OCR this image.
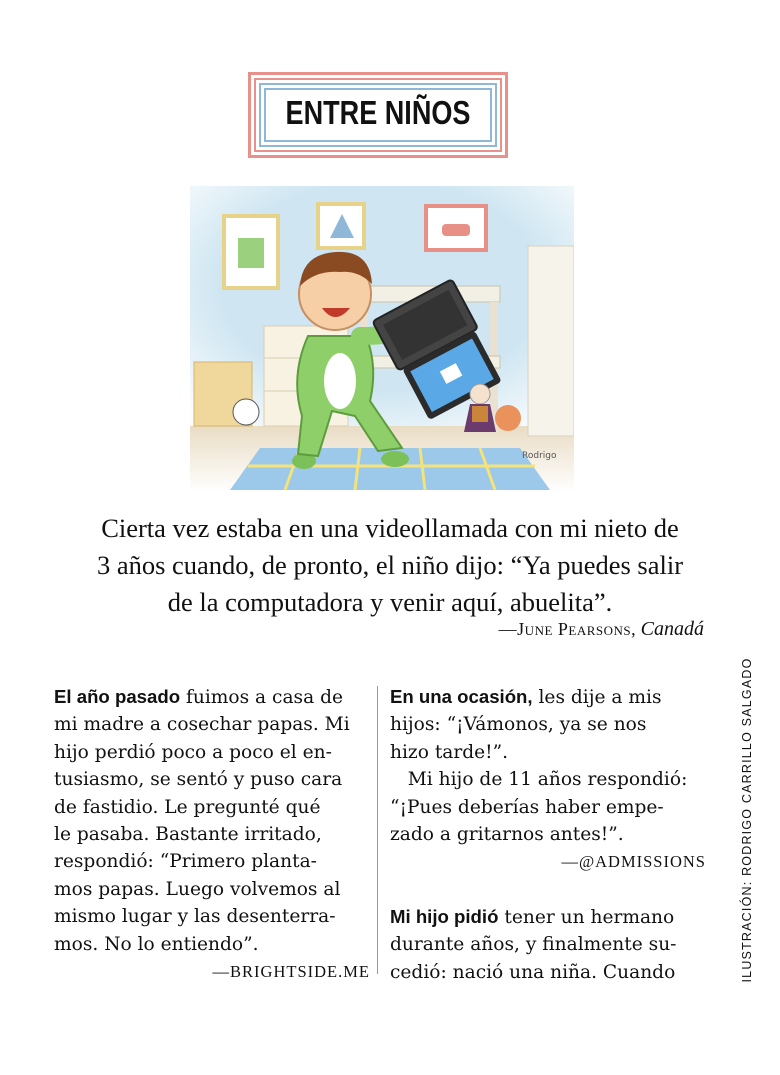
ENTRE NIÑOS
Rodrigo
Cierta vez estaba en una videollamada con mi nieto de
3 años cuando, de pronto, el niño dijo: “Ya puedes salir
de la computadora y venir aquí, abuelita”.
—June Pearsons, Canadá
El año pasado fuimos a casa de
mi madre a cosechar papas. Mi
hijo perdió poco a poco el en-
tusiasmo, se sentó y puso cara
de fastidio. Le pregunté qué
le pasaba. Bastante irritado,
respondió: “Primero planta-
mos papas. Luego volvemos al
mismo lugar y las desenterra-
mos. No lo entiendo”.
—BRIGHTSIDE.ME
En una ocasión, les dije a mis
hijos: “¡Vámonos, ya se nos
hizo tarde!”.
Mi hijo de 11 años respondió:
“¡Pues deberías haber empe-
zado a gritarnos antes!”.
—@ADMISSIONS
Mi hijo pidió tener un hermano
durante años, y finalmente su-
cedió: nació una niña. Cuando	ILUSTRACIÓN: RODRIGO CARRILLO SALGADO
